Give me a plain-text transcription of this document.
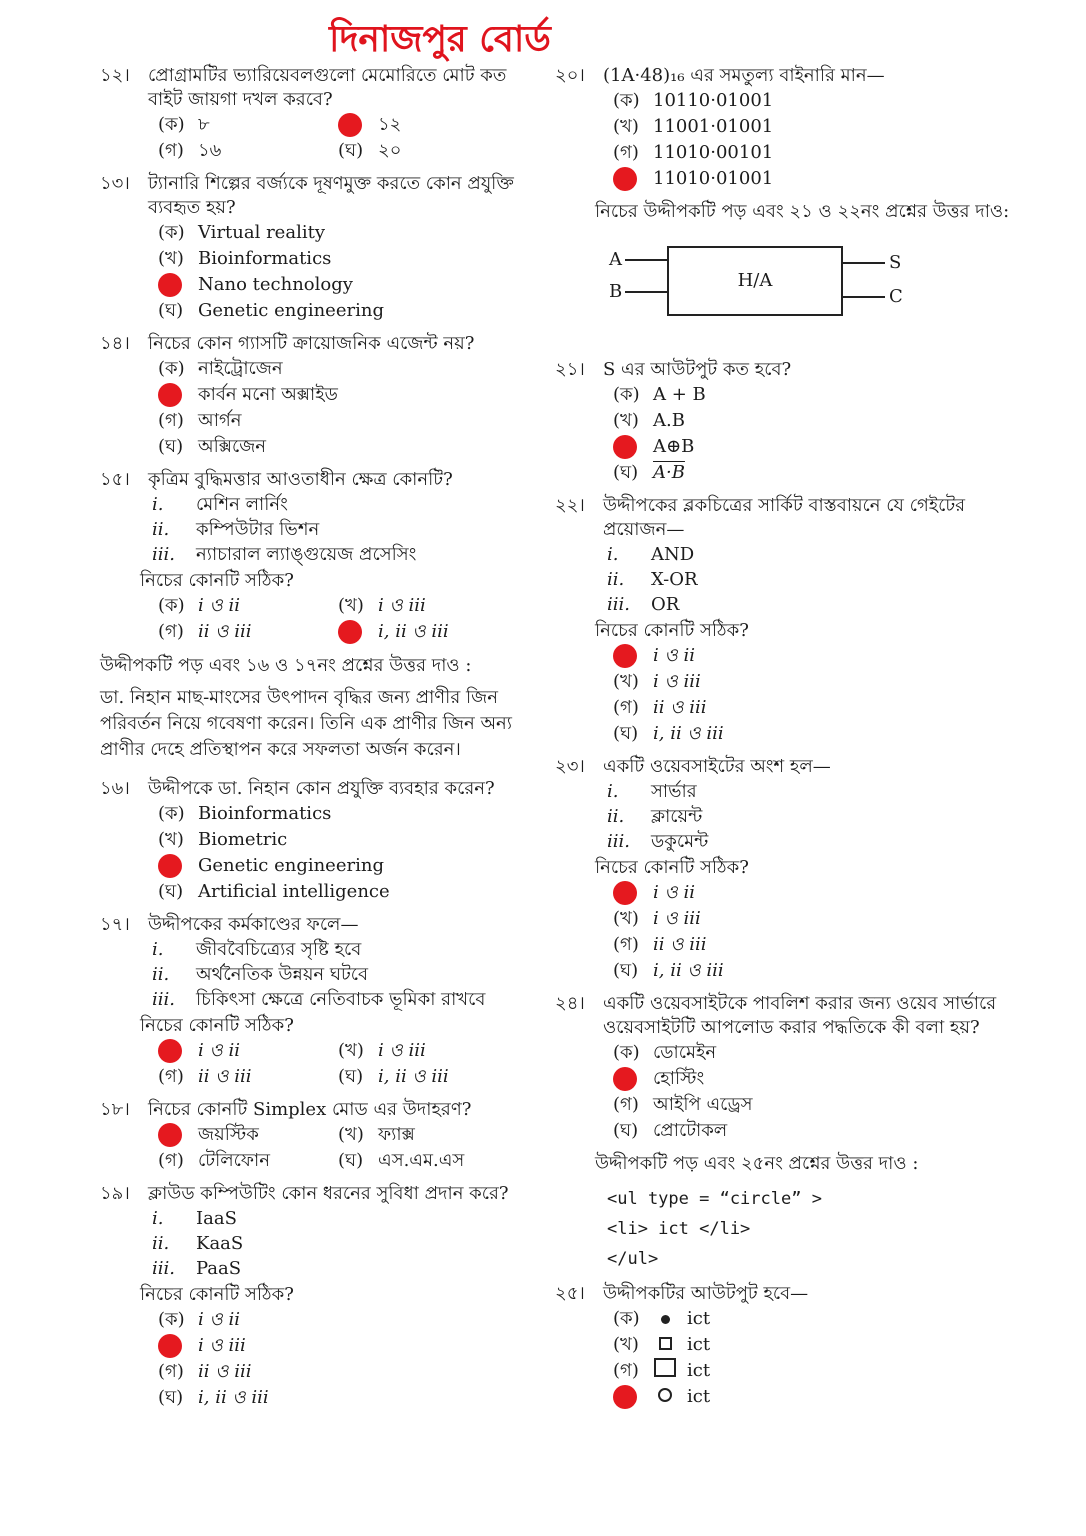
দিনাজপুর বোর্ড
১২।	প্রোগ্রামটির ভ্যারিয়েবলগুলো মেমোরিতে মোট কত বাইট জায়গা দখল করবে?
(ক) ৮	১২
(গ) ১৬	(ঘ) ২০
১৩।	ট্যানারি শিল্পের বর্জ্যকে দূষণমুক্ত করতে কোন প্রযুক্তি ব্যবহৃত হয়?
(ক) Virtual reality
(খ) Bioinformatics
Nano technology
(ঘ) Genetic engineering
১৪।	নিচের কোন গ্যাসটি ক্রায়োজনিক এজেন্ট নয়?
(ক) নাইট্রোজেন
কার্বন মনো অক্সাইড
(গ) আর্গন
(ঘ) অক্সিজেন
১৫।	কৃত্রিম বুদ্ধিমত্তার আওতাধীন ক্ষেত্র কোনটি?
i.	মেশিন লার্নিং
ii.	কম্পিউটার ভিশন
iii.	ন্যাচারাল ল্যাঙ্গুয়েজ প্রসেসিং
নিচের কোনটি সঠিক?
(ক) i ও ii	(খ) i ও iii
(গ) ii ও iii	i, ii ও iii
উদ্দীপকটি পড় এবং ১৬ ও ১৭নং প্রশ্নের উত্তর দাও :
ডা. নিহান মাছ-মাংসের উৎপাদন বৃদ্ধির জন্য প্রাণীর জিন পরিবর্তন নিয়ে গবেষণা করেন। তিনি এক প্রাণীর জিন অন্য প্রাণীর দেহে প্রতিস্থাপন করে সফলতা অর্জন করেন।
১৬।	উদ্দীপকে ডা. নিহান কোন প্রযুক্তি ব্যবহার করেন?
(ক) Bioinformatics
(খ) Biometric
Genetic engineering
(ঘ) Artificial intelligence
১৭।	উদ্দীপকের কর্মকাণ্ডের ফলে—
i.	জীববৈচিত্র্যের সৃষ্টি হবে
ii.	অর্থনৈতিক উন্নয়ন ঘটবে
iii.	চিকিৎসা ক্ষেত্রে নেতিবাচক ভূমিকা রাখবে
নিচের কোনটি সঠিক?
i ও ii	(খ) i ও iii
(গ) ii ও iii	(ঘ) i, ii ও iii
১৮।	নিচের কোনটি Simplex মোড এর উদাহরণ?
জয়স্টিক	(খ) ফ্যাক্স
(গ) টেলিফোন	(ঘ) এস.এম.এস
১৯।	ক্লাউড কম্পিউটিং কোন ধরনের সুবিধা প্রদান করে?
i.	IaaS
ii.	KaaS
iii.	PaaS
নিচের কোনটি সঠিক?
(ক) i ও ii
i ও iii
(গ) ii ও iii
(ঘ) i, ii ও iii
২০।	(1A·48)₁₆ এর সমতুল্য বাইনারি মান—
(ক) 10110·01001
(খ) 11001·01001
(গ) 11010·00101
11010·01001
নিচের উদ্দীপকটি পড় এবং ২১ ও ২২নং প্রশ্নের উত্তর দাও:
A
B
H/A
S
C
২১।	S এর আউটপুট কত হবে?
(ক) A + B
(খ) A.B
A⊕B
(ঘ) A·B
২২।	উদ্দীপকের ব্লকচিত্রের সার্কিট বাস্তবায়নে যে গেইটের প্রয়োজন—
i.	AND
ii.	X-OR
iii.	OR
নিচের কোনটি সঠিক?
i ও ii
(খ) i ও iii
(গ) ii ও iii
(ঘ) i, ii ও iii
২৩।	একটি ওয়েবসাইটের অংশ হল—
i.	সার্ভার
ii.	ক্লায়েন্ট
iii.	ডকুমেন্ট
নিচের কোনটি সঠিক?
i ও ii
(খ) i ও iii
(গ) ii ও iii
(ঘ) i, ii ও iii
২৪।	একটি ওয়েবসাইটকে পাবলিশ করার জন্য ওয়েব সার্ভারে ওয়েবসাইটটি আপলোড করার পদ্ধতিকে কী বলা হয়?
(ক) ডোমেইন
হোস্টিং
(গ) আইপি এড্রেস
(ঘ) প্রোটোকল
উদ্দীপকটি পড় এবং ২৫নং প্রশ্নের উত্তর দাও :
<ul type = “circle” >
<li> ict </li>
</ul>
২৫।	উদ্দীপকটির আউটপুট হবে—
(ক)	ict
(খ)	ict
(গ)	ict
ict
